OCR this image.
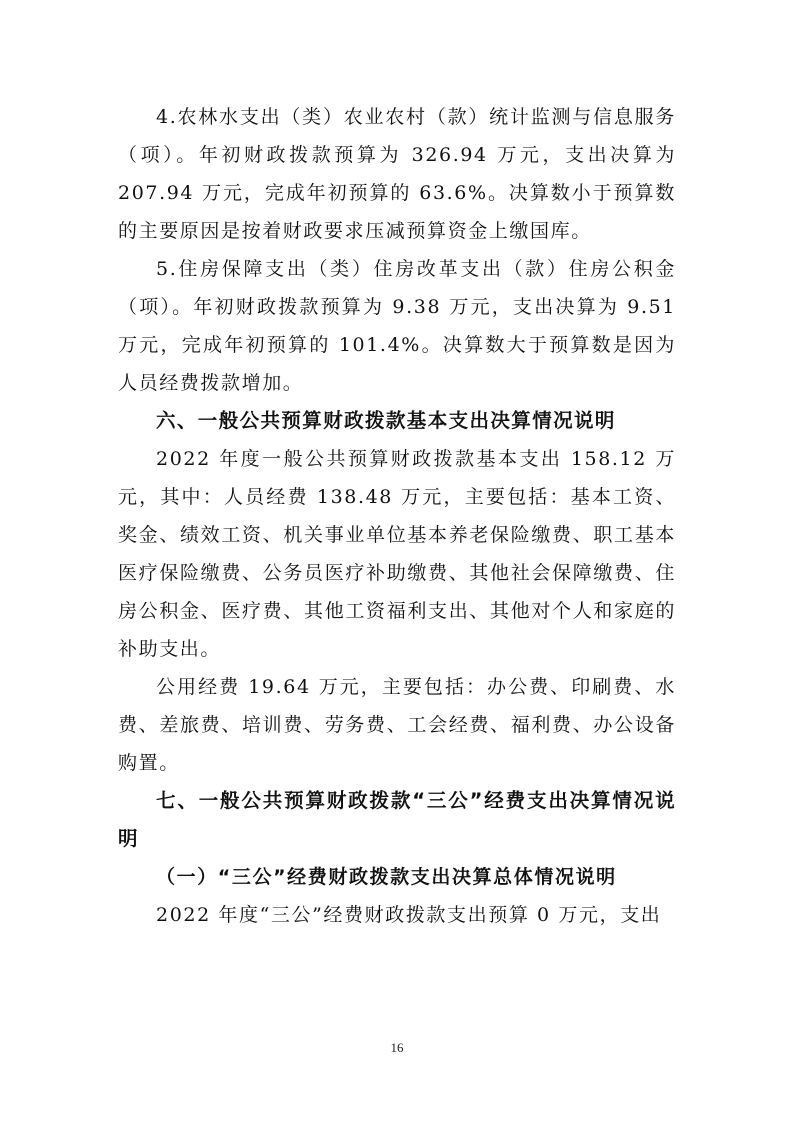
4.农林水支出（类）农业农村（款）统计监测与信息服务（项）。年初财政拨款预算为 326.94 万元，支出决算为 207.94 万元，完成年初预算的 63.6%。决算数小于预算数的主要原因是按着财政要求压减预算资金上缴国库。

5.住房保障支出（类）住房改革支出（款）住房公积金（项）。年初财政拨款预算为 9.38 万元，支出决算为 9.51 万元，完成年初预算的 101.4%。决算数大于预算数是因为人员经费拨款增加。

六、一般公共预算财政拨款基本支出决算情况说明

2022 年度一般公共预算财政拨款基本支出 158.12 万元，其中：人员经费 138.48 万元，主要包括：基本工资、奖金、绩效工资、机关事业单位基本养老保险缴费、职工基本医疗保险缴费、公务员医疗补助缴费、其他社会保障缴费、住房公积金、医疗费、其他工资福利支出、其他对个人和家庭的补助支出。

公用经费 19.64 万元，主要包括：办公费、印刷费、水费、差旅费、培训费、劳务费、工会经费、福利费、办公设备购置。

七、一般公共预算财政拨款“三公”经费支出决算情况说明

（一）“三公”经费财政拨款支出决算总体情况说明

2022 年度“三公”经费财政拨款支出预算 0 万元，支出

16
